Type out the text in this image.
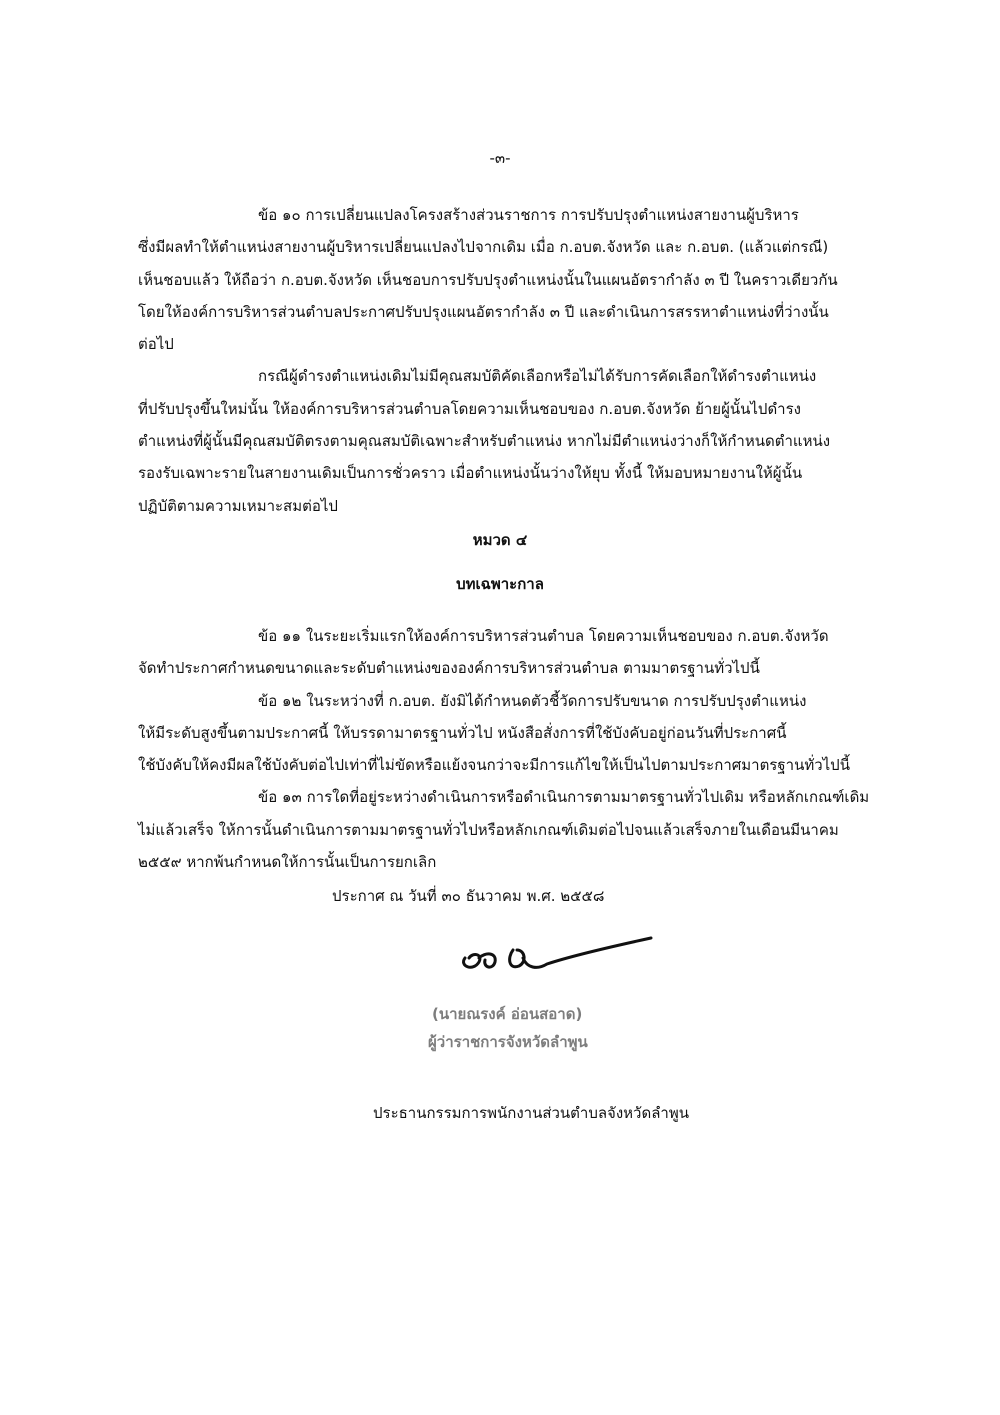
-๓-
ข้อ ๑๐ การเปลี่ยนแปลงโครงสร้างส่วนราชการ การปรับปรุงตำแหน่งสายงานผู้บริหาร
ซึ่งมีผลทำให้ตำแหน่งสายงานผู้บริหารเปลี่ยนแปลงไปจากเดิม เมื่อ ก.อบต.จังหวัด และ ก.อบต. (แล้วแต่กรณี)
เห็นชอบแล้ว ให้ถือว่า ก.อบต.จังหวัด เห็นชอบการปรับปรุงตำแหน่งนั้นในแผนอัตรากำลัง ๓ ปี ในคราวเดียวกัน
โดยให้องค์การบริหารส่วนตำบลประกาศปรับปรุงแผนอัตรากำลัง ๓ ปี และดำเนินการสรรหาตำแหน่งที่ว่างนั้น
ต่อไป
กรณีผู้ดำรงตำแหน่งเดิมไม่มีคุณสมบัติคัดเลือกหรือไม่ได้รับการคัดเลือกให้ดำรงตำแหน่ง
ที่ปรับปรุงขึ้นใหม่นั้น ให้องค์การบริหารส่วนตำบลโดยความเห็นชอบของ ก.อบต.จังหวัด ย้ายผู้นั้นไปดำรง
ตำแหน่งที่ผู้นั้นมีคุณสมบัติตรงตามคุณสมบัติเฉพาะสำหรับตำแหน่ง หากไม่มีตำแหน่งว่างก็ให้กำหนดตำแหน่ง
รองรับเฉพาะรายในสายงานเดิมเป็นการชั่วคราว เมื่อตำแหน่งนั้นว่างให้ยุบ ทั้งนี้ ให้มอบหมายงานให้ผู้นั้น
ปฏิบัติตามความเหมาะสมต่อไป
หมวด ๔
บทเฉพาะกาล
ข้อ ๑๑ ในระยะเริ่มแรกให้องค์การบริหารส่วนตำบล โดยความเห็นชอบของ ก.อบต.จังหวัด
จัดทำประกาศกำหนดขนาดและระดับตำแหน่งขององค์การบริหารส่วนตำบล ตามมาตรฐานทั่วไปนี้
ข้อ ๑๒ ในระหว่างที่ ก.อบต. ยังมิได้กำหนดตัวชี้วัดการปรับขนาด การปรับปรุงตำแหน่ง
ให้มีระดับสูงขึ้นตามประกาศนี้ ให้บรรดามาตรฐานทั่วไป หนังสือสั่งการที่ใช้บังคับอยู่ก่อนวันที่ประกาศนี้
ใช้บังคับให้คงมีผลใช้บังคับต่อไปเท่าที่ไม่ขัดหรือแย้งจนกว่าจะมีการแก้ไขให้เป็นไปตามประกาศมาตรฐานทั่วไปนี้
ข้อ ๑๓ การใดที่อยู่ระหว่างดำเนินการหรือดำเนินการตามมาตรฐานทั่วไปเดิม หรือหลักเกณฑ์เดิม
ไม่แล้วเสร็จ ให้การนั้นดำเนินการตามมาตรฐานทั่วไปหรือหลักเกณฑ์เดิมต่อไปจนแล้วเสร็จภายในเดือนมีนาคม
๒๕๕๙ หากพ้นกำหนดให้การนั้นเป็นการยกเลิก
ประกาศ ณ วันที่ ๓๐ ธันวาคม พ.ศ. ๒๕๕๘
(นายณรงค์ อ่อนสอาด)
ผู้ว่าราชการจังหวัดลำพูน
ประธานกรรมการพนักงานส่วนตำบลจังหวัดลำพูน
